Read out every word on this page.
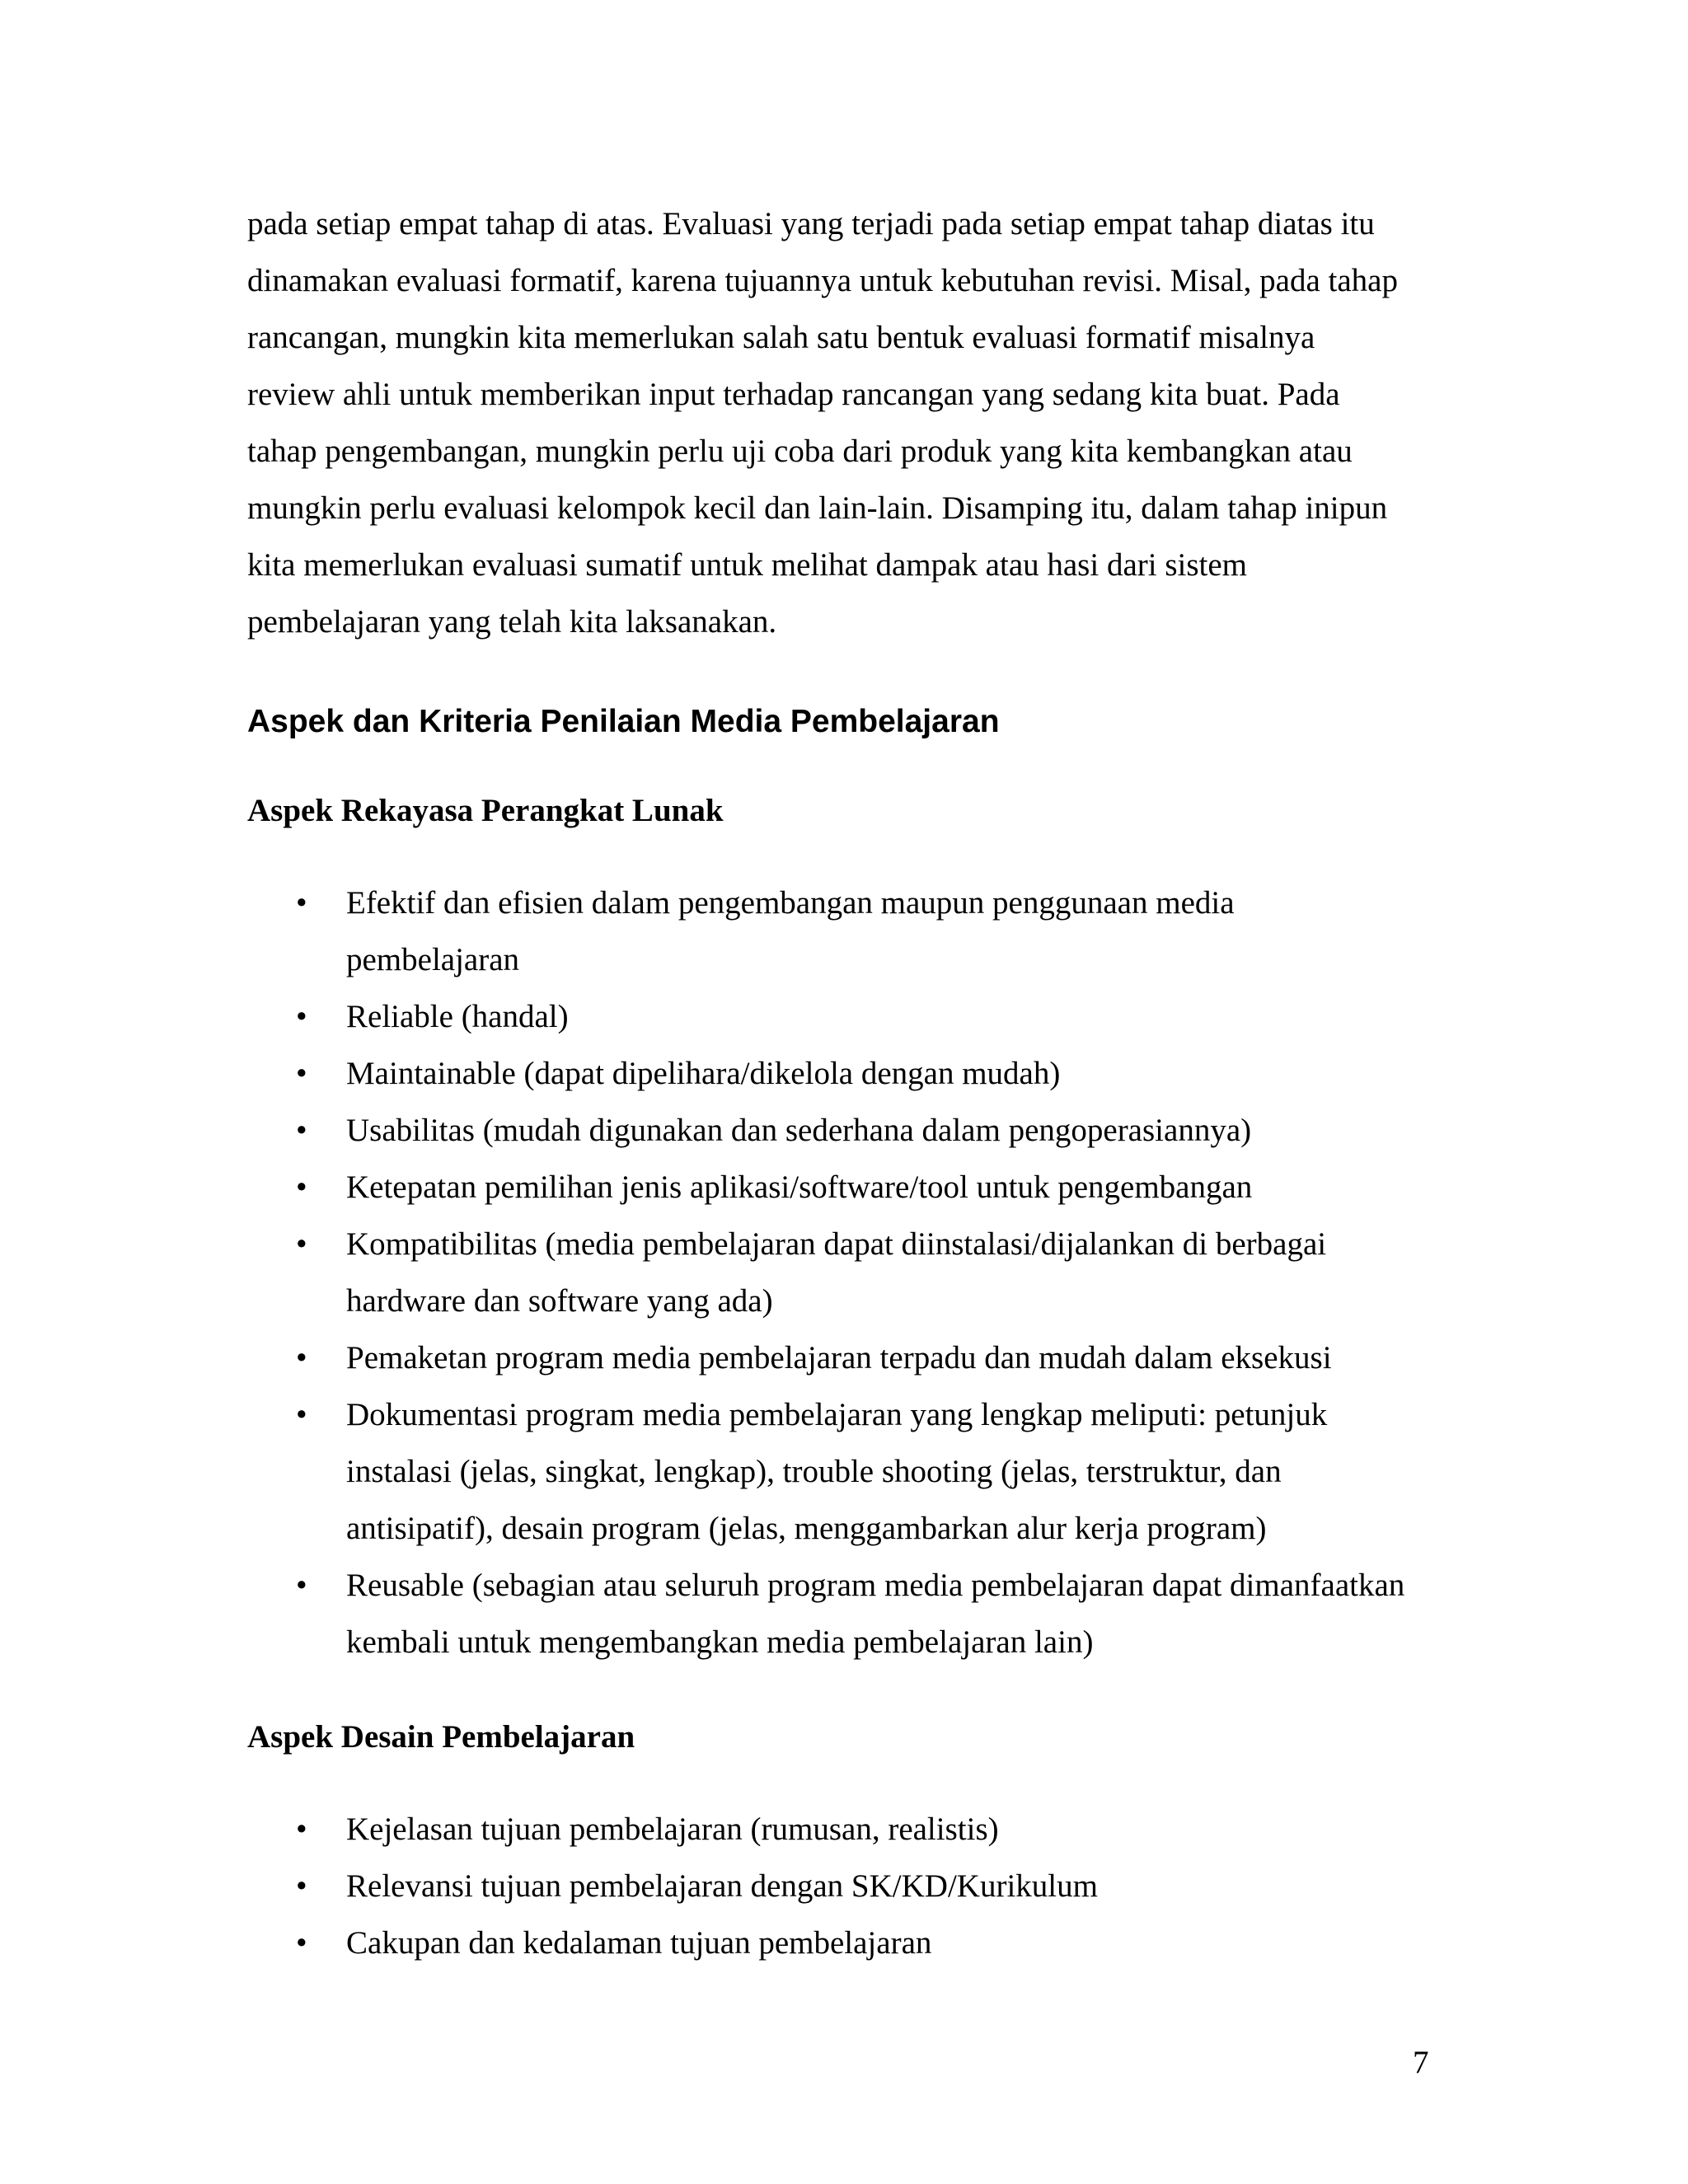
pada setiap empat tahap di atas. Evaluasi yang terjadi pada setiap empat tahap diatas itu
dinamakan evaluasi formatif, karena tujuannya untuk kebutuhan revisi. Misal, pada tahap
rancangan, mungkin kita memerlukan salah satu bentuk evaluasi formatif misalnya
review ahli untuk memberikan input terhadap rancangan yang sedang kita buat. Pada
tahap pengembangan, mungkin perlu uji coba dari produk yang kita kembangkan atau
mungkin perlu evaluasi kelompok kecil dan lain-lain. Disamping itu, dalam tahap inipun
kita memerlukan evaluasi sumatif untuk melihat dampak atau hasi dari sistem
pembelajaran yang telah kita laksanakan.

Aspek dan Kriteria Penilaian Media Pembelajaran
Aspek Rekayasa Perangkat Lunak
• Efektif dan efisien dalam pengembangan maupun penggunaan media
pembelajaran
• Reliable (handal)
• Maintainable (dapat dipelihara/dikelola dengan mudah)
• Usabilitas (mudah digunakan dan sederhana dalam pengoperasiannya)
• Ketepatan pemilihan jenis aplikasi/software/tool untuk pengembangan
• Kompatibilitas (media pembelajaran dapat diinstalasi/dijalankan di berbagai
hardware dan software yang ada)
• Pemaketan program media pembelajaran terpadu dan mudah dalam eksekusi
• Dokumentasi program media pembelajaran yang lengkap meliputi: petunjuk
instalasi (jelas, singkat, lengkap), trouble shooting (jelas, terstruktur, dan
antisipatif), desain program (jelas, menggambarkan alur kerja program)
• Reusable (sebagian atau seluruh program media pembelajaran dapat dimanfaatkan
kembali untuk mengembangkan media pembelajaran lain)
Aspek Desain Pembelajaran
• Kejelasan tujuan pembelajaran (rumusan, realistis)
• Relevansi tujuan pembelajaran dengan SK/KD/Kurikulum
• Cakupan dan kedalaman tujuan pembelajaran
7
